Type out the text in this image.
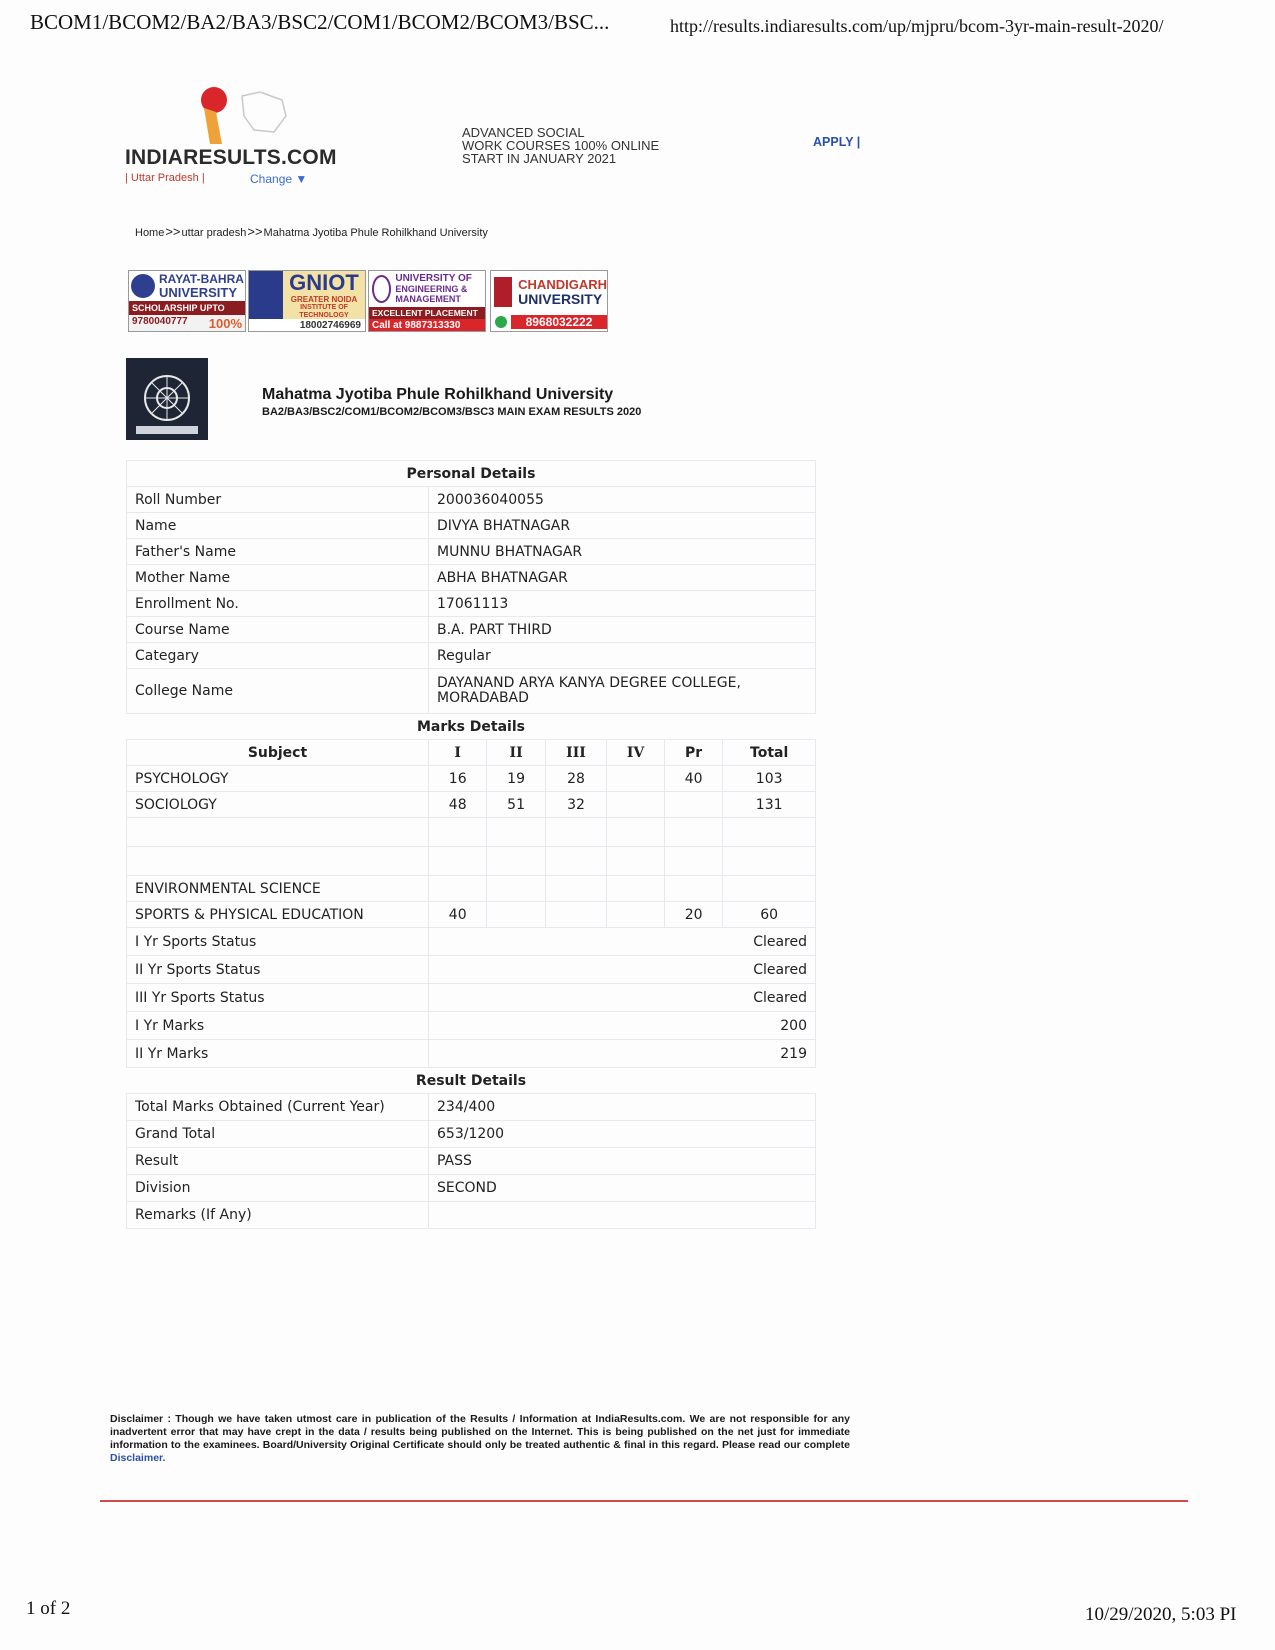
BCOM1/BCOM2/BA2/BA3/BSC2/COM1/BCOM2/BCOM3/BSC...	http://results.indiaresults.com/up/mjpru/bcom-3yr-main-result-2020/
INDIARESULTS.COM
| Uttar Pradesh |	Change ▼
ADVANCED SOCIAL
WORK COURSES 100% ONLINE
START IN JANUARY 2021
APPLY |
Home>>uttar pradesh>>Mahatma Jyotiba Phule Rohilkhand University
RAYAT-BAHRA
UNIVERSITY
SCHOLARSHIP UPTO
9780040777 100%
GNIOT
GREATER NOIDA
INSTITUTE OF TECHNOLOGY
18002746969
UNIVERSITY OF
ENGINEERING & MANAGEMENT
EXCELLENT PLACEMENT
Call at 9887313330
CHANDIGARH
UNIVERSITY
8968032222
Mahatma Jyotiba Phule Rohilkhand University
BA2/BA3/BSC2/COM1/BCOM2/BCOM3/BSC3 MAIN EXAM RESULTS 2020
Personal Details						
Roll Number	200036040055					
Name	DIVYA BHATNAGAR					
Father's Name	MUNNU BHATNAGAR					
Mother Name	ABHA BHATNAGAR					
Enrollment No.	17061113					
Course Name	B.A. PART THIRD					
Categary	Regular					
College Name	DAYANAND ARYA KANYA DEGREE COLLEGE, MORADABAD					
Marks Details						
Subject	I	II	III	IV	Pr	Total
PSYCHOLOGY	16	19	28		40	103
SOCIOLOGY	48	51	32			131

ENVIRONMENTAL SCIENCE						
SPORTS & PHYSICAL EDUCATION	40				20	60
I Yr Sports Status	Cleared					
II Yr Sports Status	Cleared					
III Yr Sports Status	Cleared					
I Yr Marks	200					
II Yr Marks	219					
Result Details						
Total Marks Obtained (Current Year)	234/400					
Grand Total	653/1200					
Result	PASS					
Division	SECOND					
Remarks (If Any)						
Disclaimer : Though we have taken utmost care in publication of the Results / Information at IndiaResults.com. We are not responsible for any inadvertent error that may have crept in the data / results being published on the Internet. This is being published on the net just for immediate information to the examinees. Board/University Original Certificate should only be treated authentic & final in this regard. Please read our complete Disclaimer.
1 of 2	10/29/2020, 5:03 PI
